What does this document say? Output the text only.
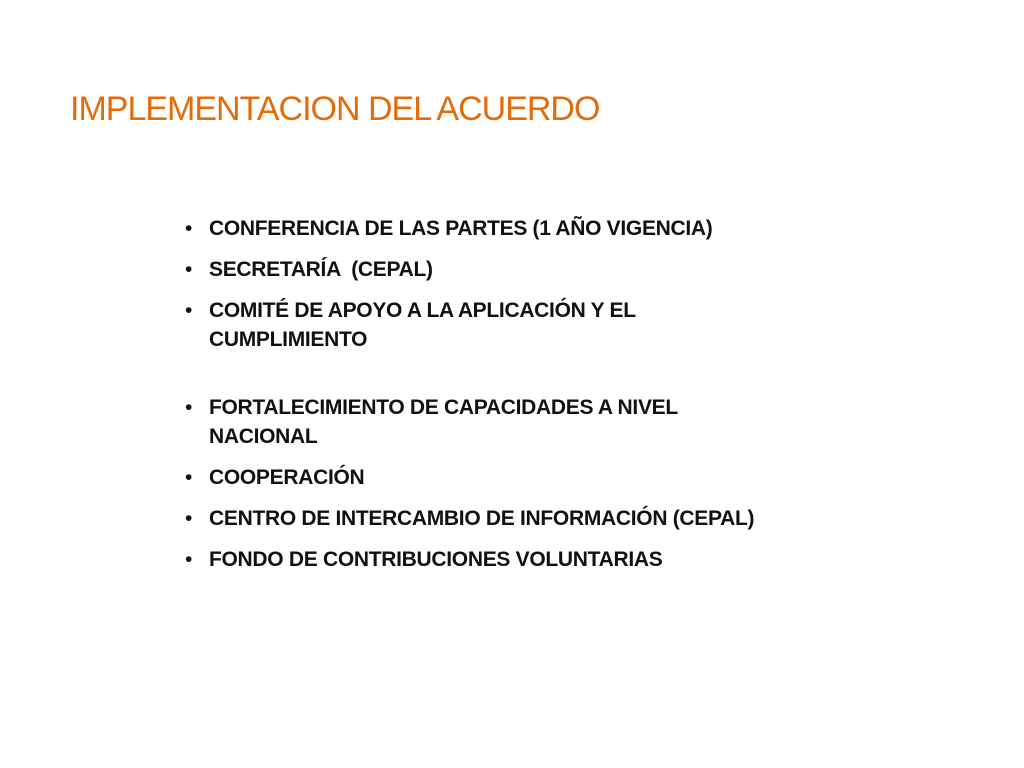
IMPLEMENTACION DEL ACUERDO
• CONFERENCIA DE LAS PARTES (1 AÑO VIGENCIA)
• SECRETARÍA  (CEPAL)
• COMITÉ DE APOYO A LA APLICACIÓN Y EL CUMPLIMIENTO
• FORTALECIMIENTO DE CAPACIDADES A NIVEL NACIONAL
• COOPERACIÓN
• CENTRO DE INTERCAMBIO DE INFORMACIÓN (CEPAL)
• FONDO DE CONTRIBUCIONES VOLUNTARIAS
